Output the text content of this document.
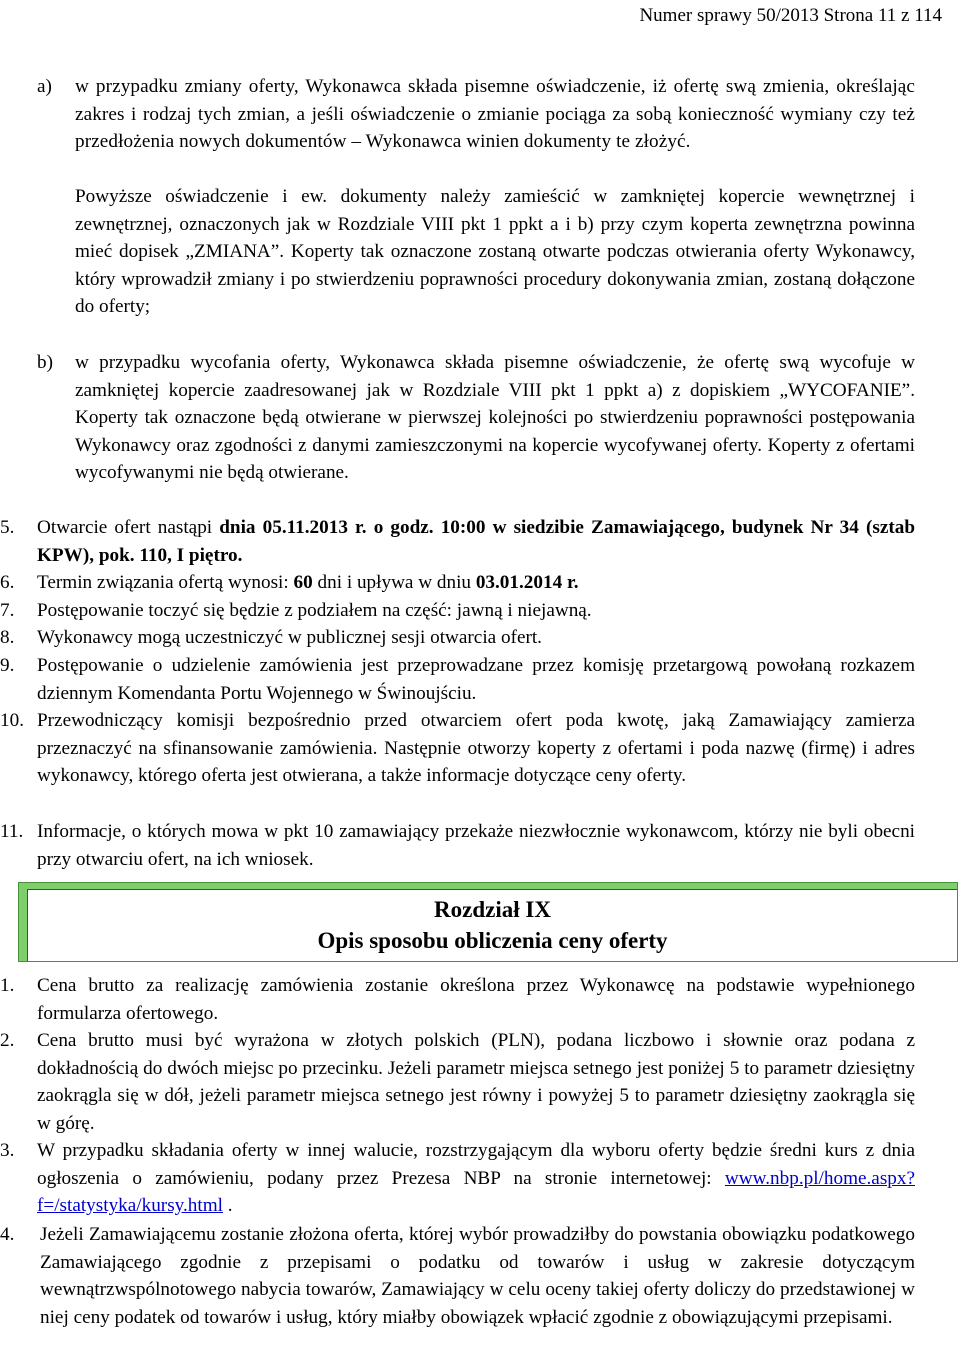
Numer sprawy 50/2013 Strona 11 z 114
a) w przypadku zmiany oferty, Wykonawca składa pisemne oświadczenie, iż ofertę swą zmienia, określając zakres i rodzaj tych zmian, a jeśli oświadczenie o zmianie pociąga za sobą konieczność wymiany czy też przedłożenia nowych dokumentów – Wykonawca winien dokumenty te złożyć.
Powyższe oświadczenie i ew. dokumenty należy zamieścić w zamkniętej kopercie wewnętrznej i zewnętrznej, oznaczonych jak w Rozdziale VIII pkt 1 ppkt a i b) przy czym koperta zewnętrzna powinna mieć dopisek „ZMIANA”. Koperty tak oznaczone zostaną otwarte podczas otwierania oferty Wykonawcy, który wprowadził zmiany i po stwierdzeniu poprawności procedury dokonywania zmian, zostaną dołączone do oferty;
b) w przypadku wycofania oferty, Wykonawca składa pisemne oświadczenie, że ofertę swą wycofuje w zamkniętej kopercie zaadresowanej jak w Rozdziale VIII pkt 1 ppkt a) z dopiskiem „WYCOFANIE”. Koperty tak oznaczone będą otwierane w pierwszej kolejności po stwierdzeniu poprawności postępowania Wykonawcy oraz zgodności z danymi zamieszczonymi na kopercie wycofywanej oferty. Koperty z ofertami wycofywanymi nie będą otwierane.
5. Otwarcie ofert nastąpi dnia 05.11.2013 r. o godz. 10:00 w siedzibie Zamawiającego, budynek Nr 34 (sztab KPW), pok. 110, I piętro.
6. Termin związania ofertą wynosi: 60 dni i upływa w dniu 03.01.2014 r.
7. Postępowanie toczyć się będzie z podziałem na część: jawną i niejawną.
8. Wykonawcy mogą uczestniczyć w publicznej sesji otwarcia ofert.
9. Postępowanie o udzielenie zamówienia jest przeprowadzane przez komisję przetargową powołaną rozkazem dziennym Komendanta Portu Wojennego w Świnoujściu.
10. Przewodniczący komisji bezpośrednio przed otwarciem ofert poda kwotę, jaką Zamawiający zamierza przeznaczyć na sfinansowanie zamówienia. Następnie otworzy koperty z ofertami i poda nazwę (firmę) i adres wykonawcy, którego oferta jest otwierana, a także informacje dotyczące ceny oferty.
11. Informacje, o których mowa w pkt 10 zamawiający przekaże niezwłocznie wykonawcom, którzy nie byli obecni przy otwarciu ofert, na ich wniosek.
Rozdział IX
Opis sposobu obliczenia ceny oferty
1. Cena brutto za realizację zamówienia zostanie określona przez Wykonawcę na podstawie wypełnionego formularza ofertowego.
2. Cena brutto musi być wyrażona w złotych polskich (PLN), podana liczbowo i słownie oraz podana z dokładnością do dwóch miejsc po przecinku. Jeżeli parametr miejsca setnego jest poniżej 5 to parametr dziesiętny zaokrągla się w dół, jeżeli parametr miejsca setnego jest równy i powyżej 5 to parametr dziesiętny zaokrągla się w górę.
3. W przypadku składania oferty w innej walucie, rozstrzygającym dla wyboru oferty będzie średni kurs z dnia ogłoszenia o zamówieniu, podany przez Prezesa NBP na stronie internetowej: www.nbp.pl/home.aspx?f=/statystyka/kursy.html .
4. Jeżeli Zamawiającemu zostanie złożona oferta, której wybór prowadziłby do powstania obowiązku podatkowego Zamawiającego zgodnie z przepisami o podatku od towarów i usług w zakresie dotyczącym wewnątrzwspólnotowego nabycia towarów, Zamawiający w celu oceny takiej oferty doliczy do przedstawionej w niej ceny podatek od towarów i usług, który miałby obowiązek wpłacić zgodnie z obowiązującymi przepisami.
